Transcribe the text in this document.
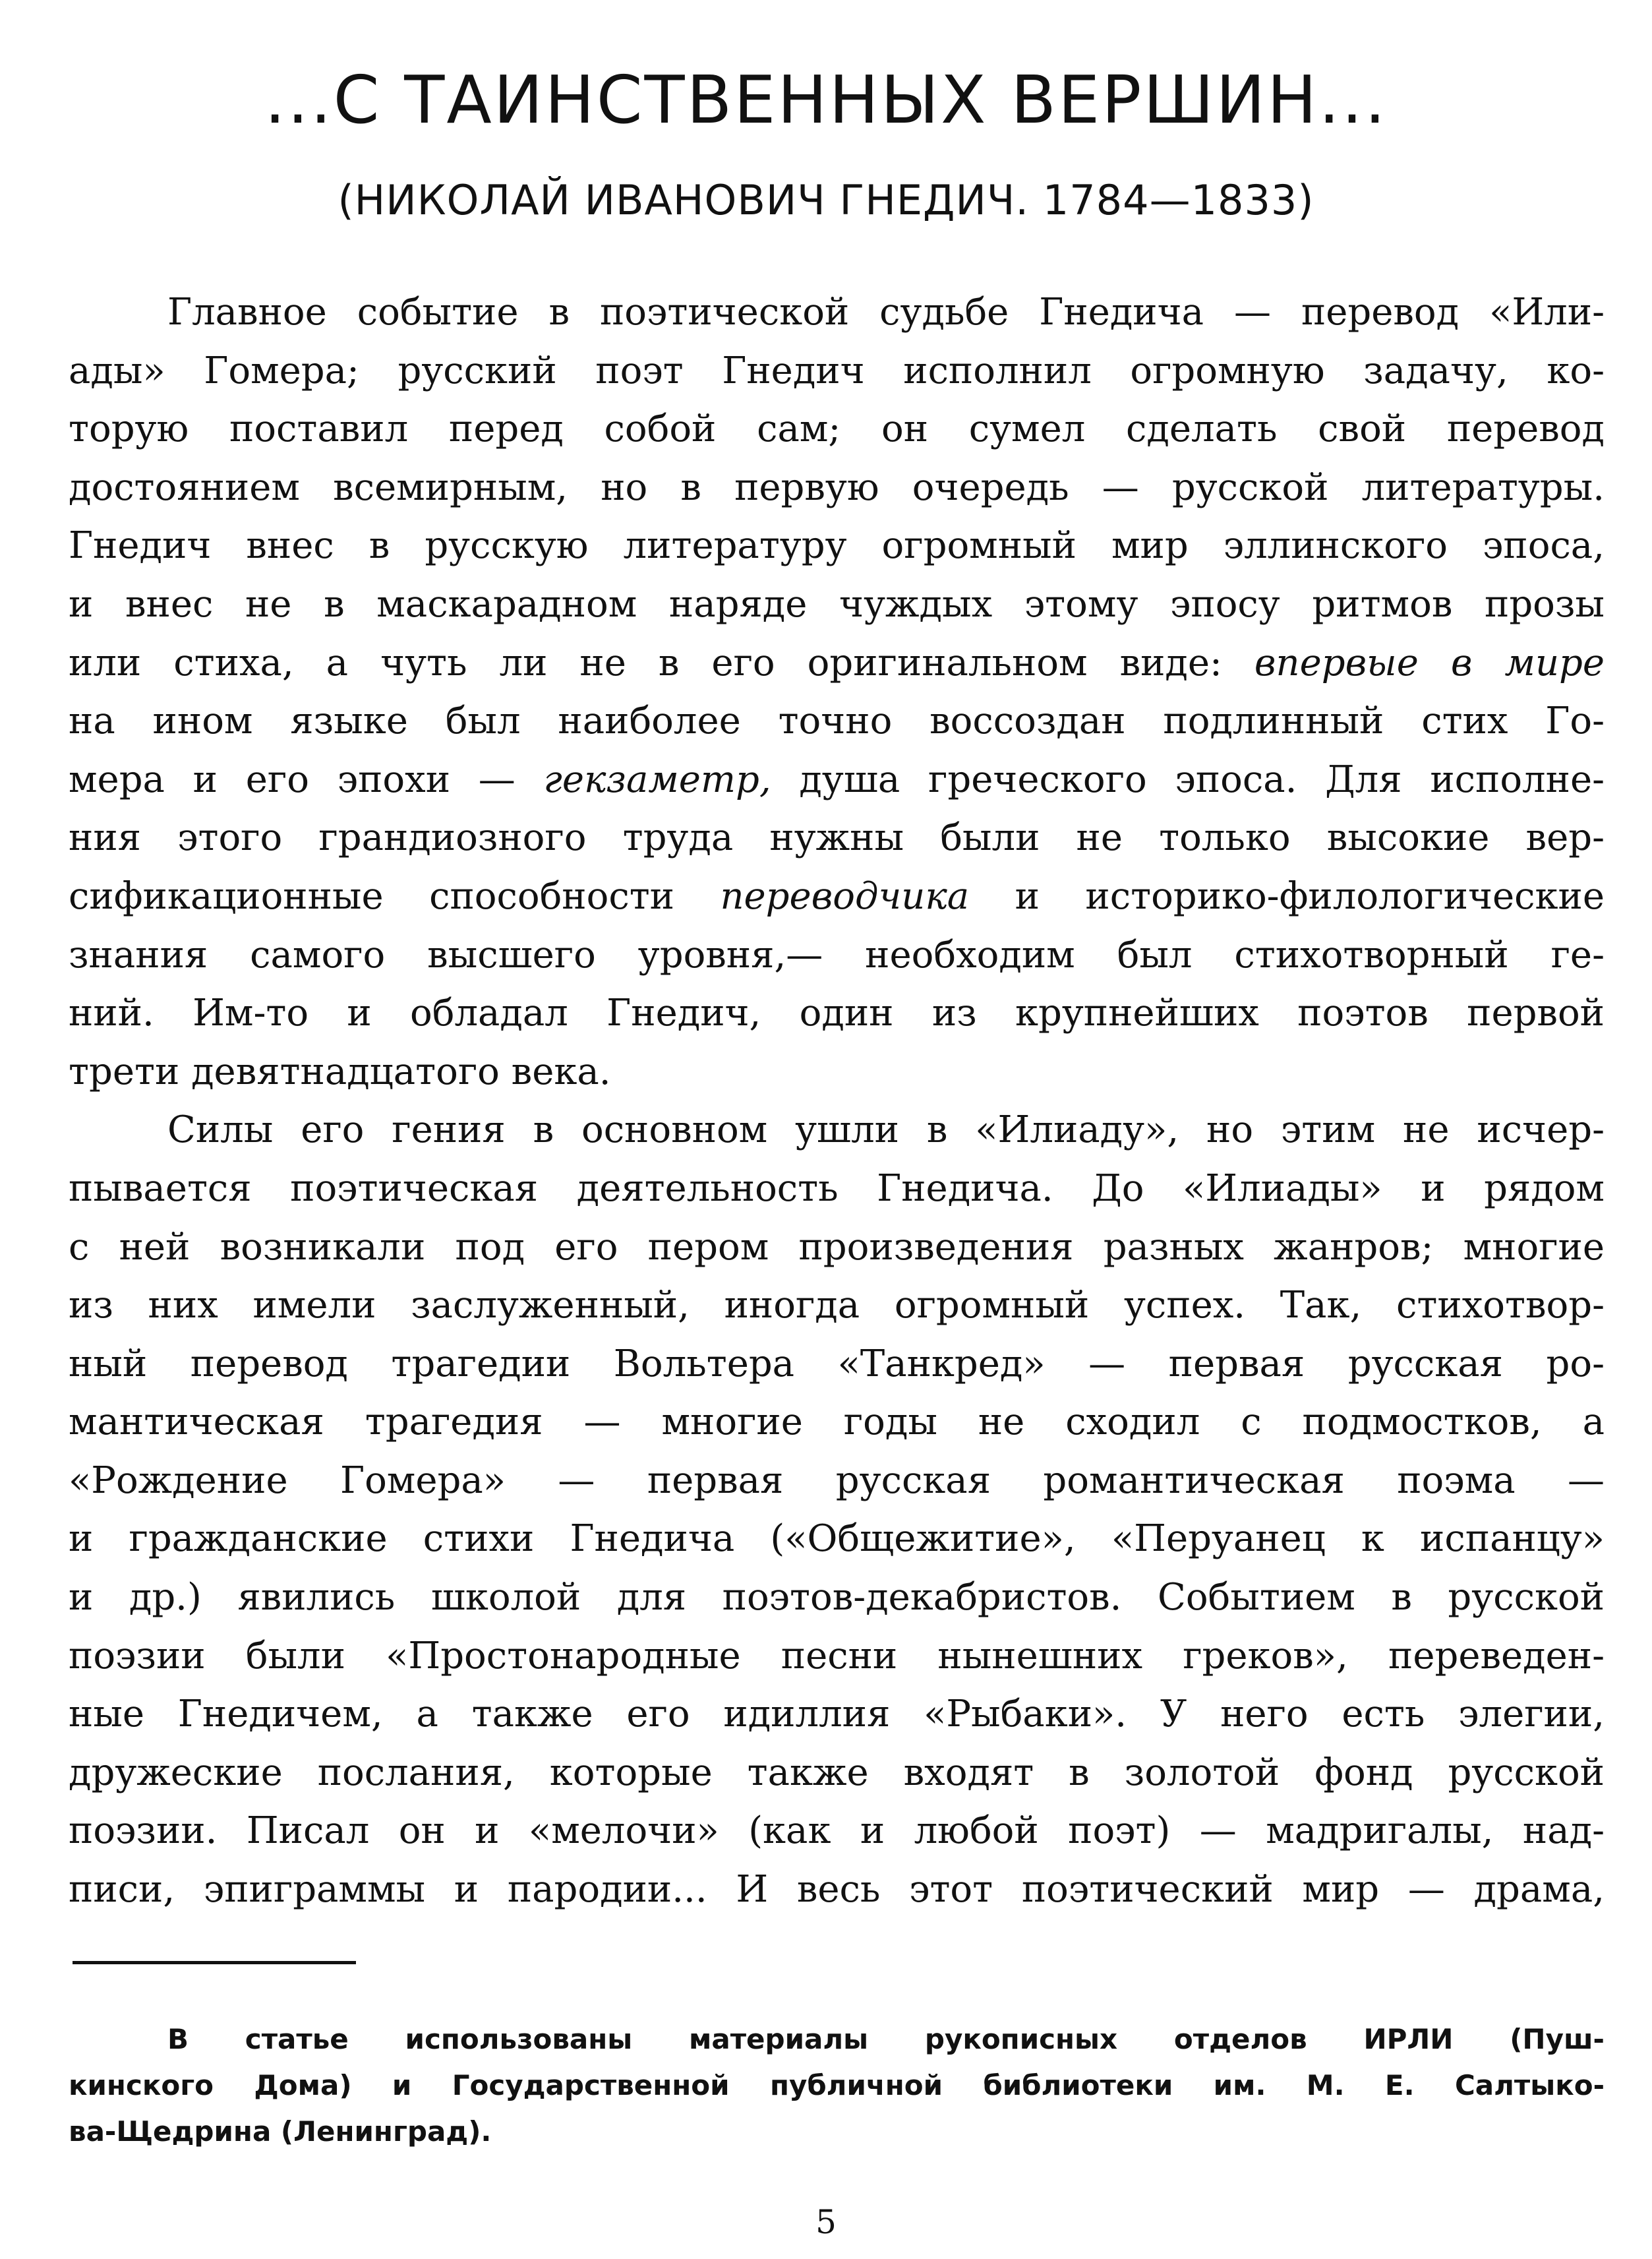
...С ТАИНСТВЕННЫХ ВЕРШИН...
(НИКОЛАЙ ИВАНОВИЧ ГНЕДИЧ. 1784—1833)

Главное событие в поэтической судьбе Гнедича — перевод «Или-
ады» Гомера; русский поэт Гнедич исполнил огромную задачу, ко-
торую поставил перед собой сам; он сумел сделать свой перевод
достоянием всемирным, но в первую очередь — русской литературы.
Гнедич внес в русскую литературу огромный мир эллинского эпоса,
и внес не в маскарадном наряде чуждых этому эпосу ритмов прозы
или стиха, а чуть ли не в его оригинальном виде: впервые в мире
на ином языке был наиболее точно воссоздан подлинный стих Го-
мера и его эпохи — гекзаметр, душа греческого эпоса. Для исполне-
ния этого грандиозного труда нужны были не только высокие вер-
сификационные способности переводчика и историко-филологические
знания самого высшего уровня,— необходим был стихотворный ге-
ний. Им-то и обладал Гнедич, один из крупнейших поэтов первой
трети девятнадцатого века.

Силы его гения в основном ушли в «Илиаду», но этим не исчер-
пывается поэтическая деятельность Гнедича. До «Илиады» и рядом
с ней возникали под его пером произведения разных жанров; многие
из них имели заслуженный, иногда огромный успех. Так, стихотвор-
ный перевод трагедии Вольтера «Танкред» — первая русская ро-
мантическая трагедия — многие годы не сходил с подмостков, а
«Рождение Гомера» — первая русская романтическая поэма —
и гражданские стихи Гнедича («Общежитие», «Перуанец к испанцу»
и др.) явились школой для поэтов-декабристов. Событием в русской
поэзии были «Простонародные песни нынешних греков», переведен-
ные Гнедичем, а также его идиллия «Рыбаки». У него есть элегии,
дружеские послания, которые также входят в золотой фонд русской
поэзии. Писал он и «мелочи» (как и любой поэт) — мадригалы, над-
писи, эпиграммы и пародии... И весь этот поэтический мир — драма,

В статье использованы материалы рукописных отделов ИРЛИ (Пуш-
кинского Дома) и Государственной публичной библиотеки им. М. Е. Салтыко-
ва-Щедрина (Ленинград).
5
